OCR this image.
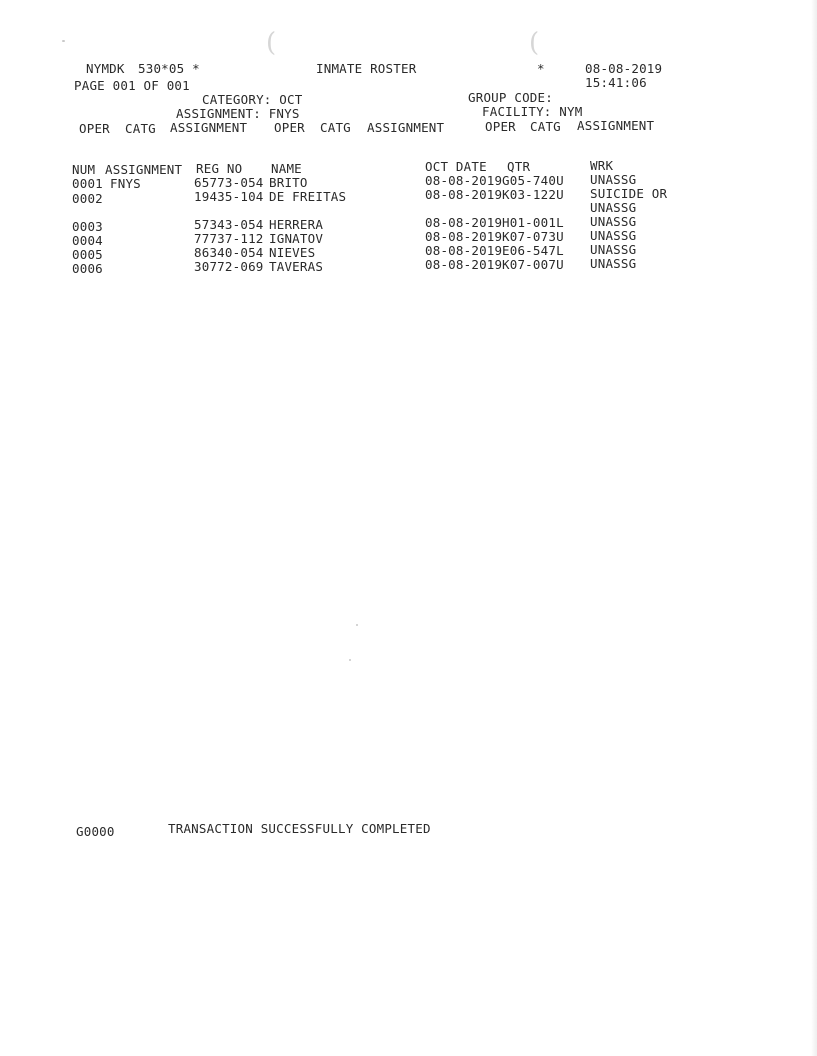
(	(
NYMDK 530*05 *	INMATE ROSTER	*	08-08-2019
15:41:06
PAGE 001 OF 001
CATEGORY: OCT	GROUP CODE:
ASSIGNMENT: FNYS	FACILITY: NYM
OPER CATG ASSIGNMENT OPER CATG ASSIGNMENT	OPER CATG ASSIGNMENT
NUM ASSIGNMENT REG NO NAME	OCT DATE QTR	WRK
0001 FNYS	65773-054 BRITO	08-08-2019 G05-740U UNASSG
0002	19435-104 DE FREITAS	08-08-2019 K03-122U SUICIDE OR
UNASSG
0003	57343-054 HERRERA	08-08-2019 H01-001L UNASSG
0004	77737-112 IGNATOV	08-08-2019 K07-073U UNASSG
0005	86340-054 NIEVES	08-08-2019 E06-547L UNASSG
0006	30772-069 TAVERAS	08-08-2019 K07-007U UNASSG
G0000	TRANSACTION SUCCESSFULLY COMPLETED
